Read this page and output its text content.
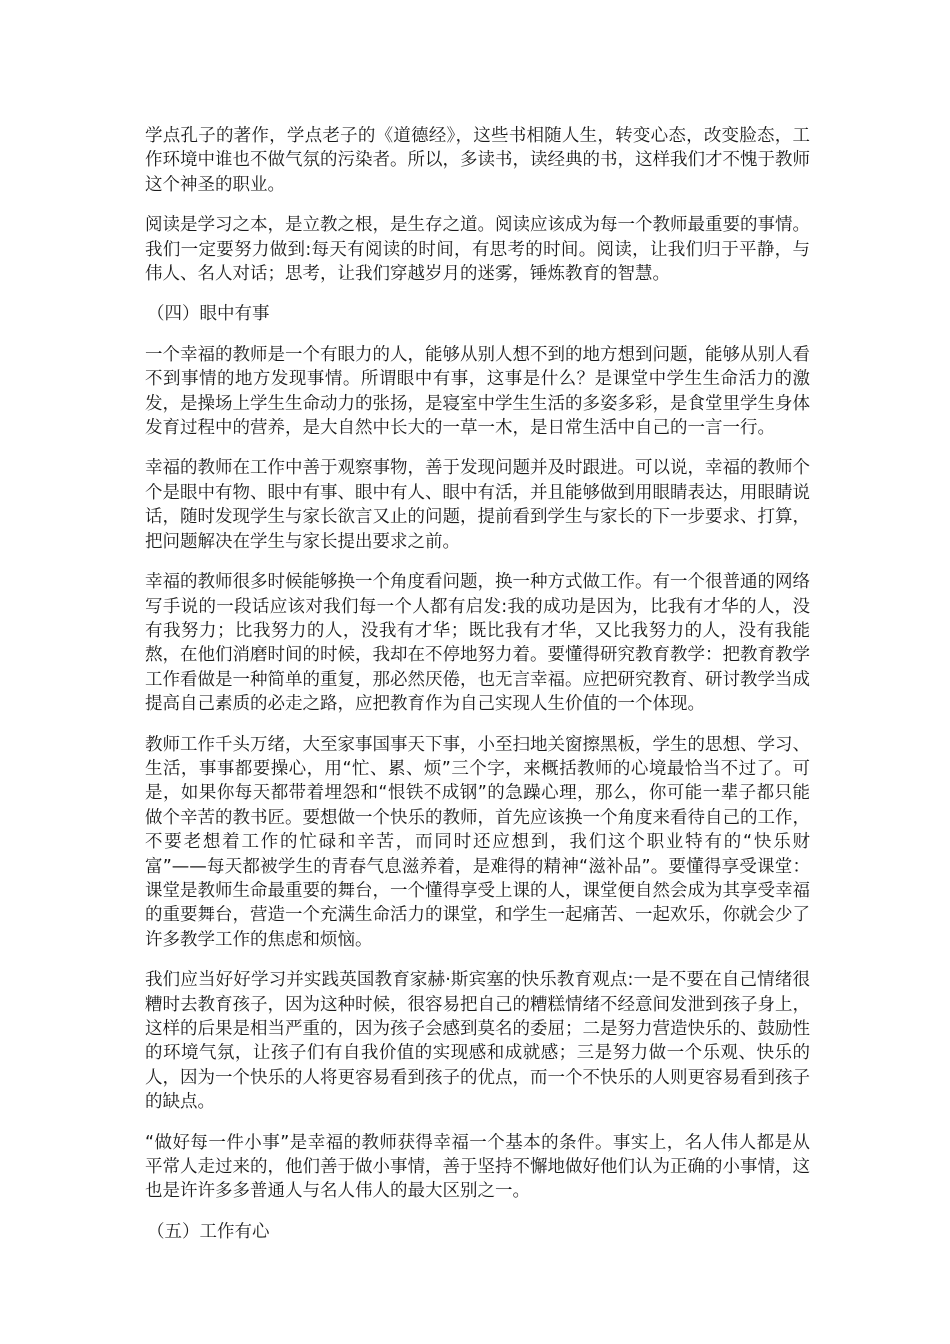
学点孔子的著作，学点老子的《道德经》，这些书相随人生，转变心态，改变脸态，工作环境中谁也不做气氛的污染者。所以，多读书，读经典的书，这样我们才不愧于教师这个神圣的职业。

阅读是学习之本，是立教之根，是生存之道。阅读应该成为每一个教师最重要的事情。我们一定要努力做到:每天有阅读的时间，有思考的时间。阅读，让我们归于平静，与伟人、名人对话；思考，让我们穿越岁月的迷雾，锤炼教育的智慧。

（四）眼中有事

一个幸福的教师是一个有眼力的人，能够从别人想不到的地方想到问题，能够从别人看不到事情的地方发现事情。所谓眼中有事，这事是什么？是课堂中学生生命活力的激发，是操场上学生生命动力的张扬，是寝室中学生生活的多姿多彩，是食堂里学生身体发育过程中的营养，是大自然中长大的一草一木，是日常生活中自己的一言一行。

幸福的教师在工作中善于观察事物，善于发现问题并及时跟进。可以说，幸福的教师个个是眼中有物、眼中有事、眼中有人、眼中有活，并且能够做到用眼睛表达，用眼睛说话，随时发现学生与家长欲言又止的问题，提前看到学生与家长的下一步要求、打算，把问题解决在学生与家长提出要求之前。

幸福的教师很多时候能够换一个角度看问题，换一种方式做工作。有一个很普通的网络写手说的一段话应该对我们每一个人都有启发:我的成功是因为，比我有才华的人，没有我努力；比我努力的人，没我有才华；既比我有才华，又比我努力的人，没有我能熬，在他们消磨时间的时候，我却在不停地努力着。要懂得研究教育教学：把教育教学工作看做是一种简单的重复，那必然厌倦，也无言幸福。应把研究教育、研讨教学当成提高自己素质的必走之路，应把教育作为自己实现人生价值的一个体现。

教师工作千头万绪，大至家事国事天下事，小至扫地关窗擦黑板，学生的思想、学习、生活，事事都要操心，用“忙、累、烦”三个字，来概括教师的心境最恰当不过了。可是，如果你每天都带着埋怨和“恨铁不成钢”的急躁心理，那么，你可能一辈子都只能做个辛苦的教书匠。要想做一个快乐的教师，首先应该换一个角度来看待自己的工作，不要老想着工作的忙碌和辛苦，而同时还应想到，我们这个职业特有的“快乐财富”——每天都被学生的青春气息滋养着，是难得的精神“滋补品”。要懂得享受课堂：课堂是教师生命最重要的舞台，一个懂得享受上课的人，课堂便自然会成为其享受幸福的重要舞台，营造一个充满生命活力的课堂，和学生一起痛苦、一起欢乐，你就会少了许多教学工作的焦虑和烦恼。

我们应当好好学习并实践英国教育家赫·斯宾塞的快乐教育观点:一是不要在自己情绪很糟时去教育孩子，因为这种时候，很容易把自己的糟糕情绪不经意间发泄到孩子身上，这样的后果是相当严重的，因为孩子会感到莫名的委屈；二是努力营造快乐的、鼓励性的环境气氛，让孩子们有自我价值的实现感和成就感；三是努力做一个乐观、快乐的人，因为一个快乐的人将更容易看到孩子的优点，而一个不快乐的人则更容易看到孩子的缺点。

“做好每一件小事”是幸福的教师获得幸福一个基本的条件。事实上，名人伟人都是从平常人走过来的，他们善于做小事情，善于坚持不懈地做好他们认为正确的小事情，这也是许许多多普通人与名人伟人的最大区别之一。

（五）工作有心
